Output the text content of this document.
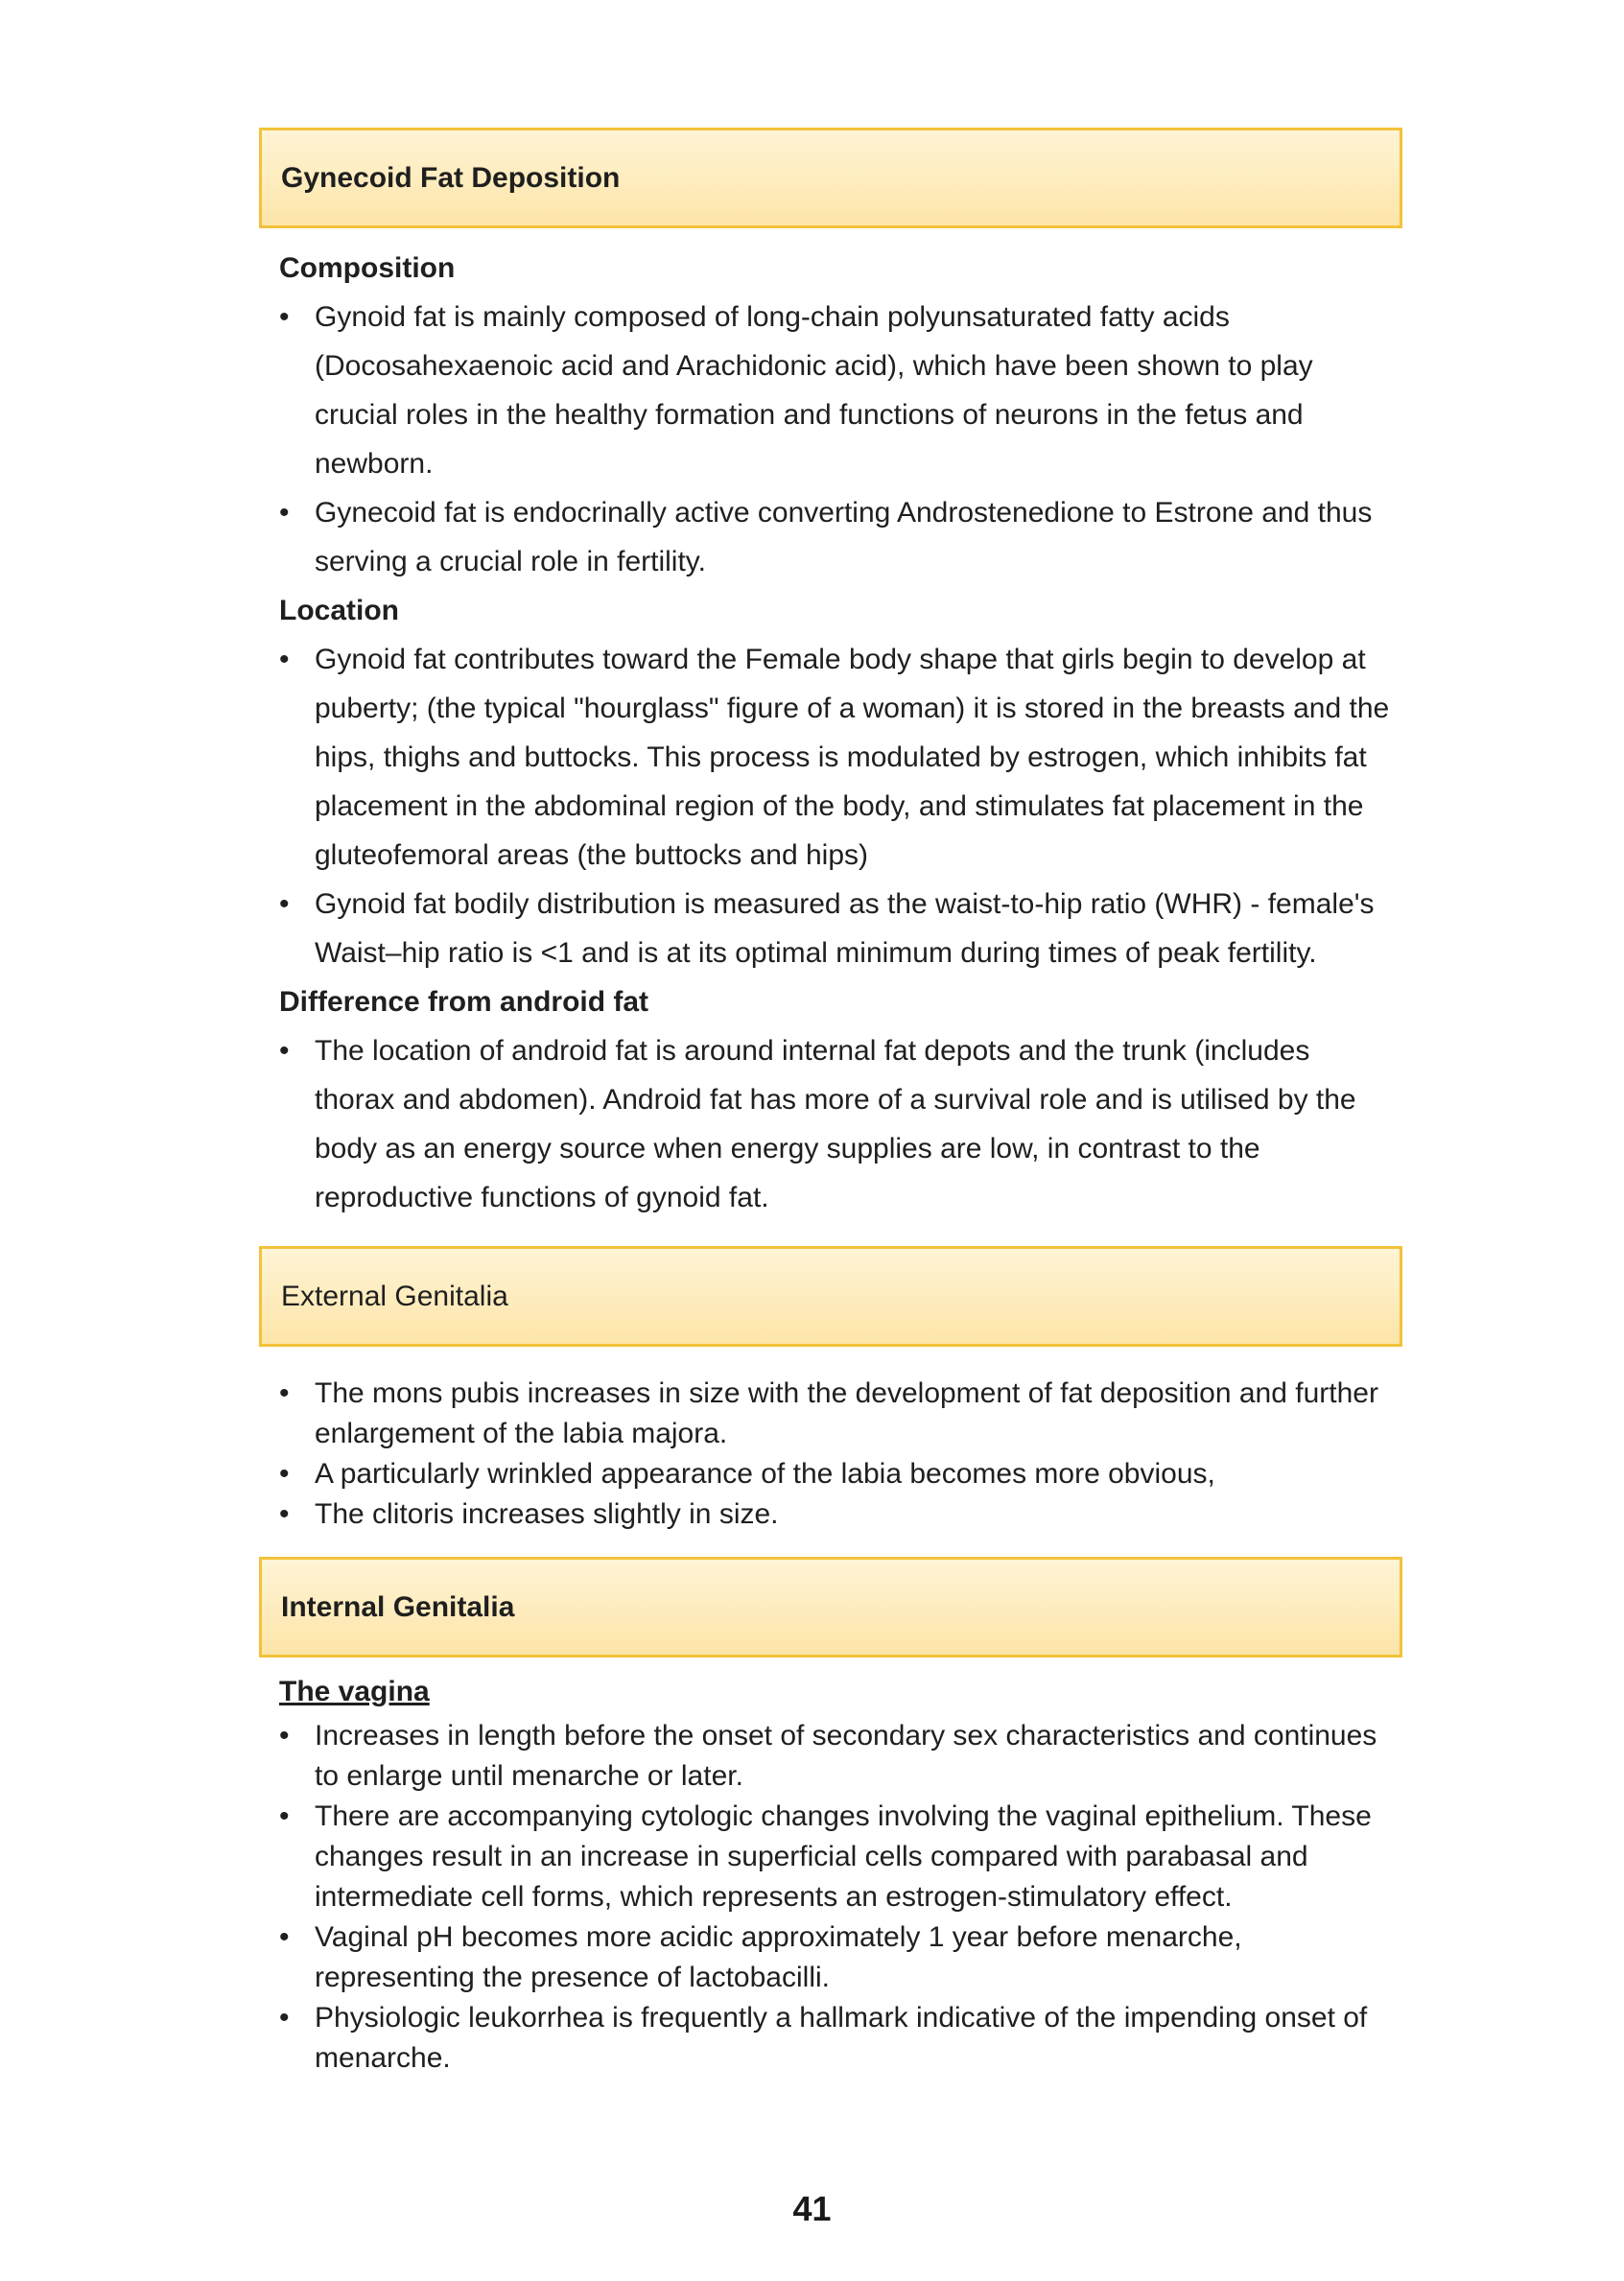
Gynecoid Fat Deposition
Composition
• Gynoid fat is mainly composed of long-chain polyunsaturated fatty acids (Docosahexaenoic acid and Arachidonic acid), which have been shown to play crucial roles in the healthy formation and functions of neurons in the fetus and newborn.
• Gynecoid fat is endocrinally active converting Androstenedione to Estrone and thus serving a crucial role in fertility.
Location
• Gynoid fat contributes toward the Female body shape that girls begin to develop at puberty; (the typical "hourglass" figure of a woman) it is stored in the breasts and the hips, thighs and buttocks. This process is modulated by estrogen, which inhibits fat placement in the abdominal region of the body, and stimulates fat placement in the gluteofemoral areas (the buttocks and hips)
• Gynoid fat bodily distribution is measured as the waist-to-hip ratio (WHR) - female's Waist–hip ratio is <1 and is at its optimal minimum during times of peak fertility.
Difference from android fat
• The location of android fat is around internal fat depots and the trunk (includes thorax and abdomen). Android fat has more of a survival role and is utilised by the body as an energy source when energy supplies are low, in contrast to the reproductive functions of gynoid fat.
External Genitalia
• The mons pubis increases in size with the development of fat deposition and further enlargement of the labia majora.
• A particularly wrinkled appearance of the labia becomes more obvious,
• The clitoris increases slightly in size.
Internal Genitalia
The vagina
• Increases in length before the onset of secondary sex characteristics and continues to enlarge until menarche or later.
• There are accompanying cytologic changes involving the vaginal epithelium. These changes result in an increase in superficial cells compared with parabasal and intermediate cell forms, which represents an estrogen-stimulatory effect.
• Vaginal pH becomes more acidic approximately 1 year before menarche, representing the presence of lactobacilli.
• Physiologic leukorrhea is frequently a hallmark indicative of the impending onset of menarche.
41
